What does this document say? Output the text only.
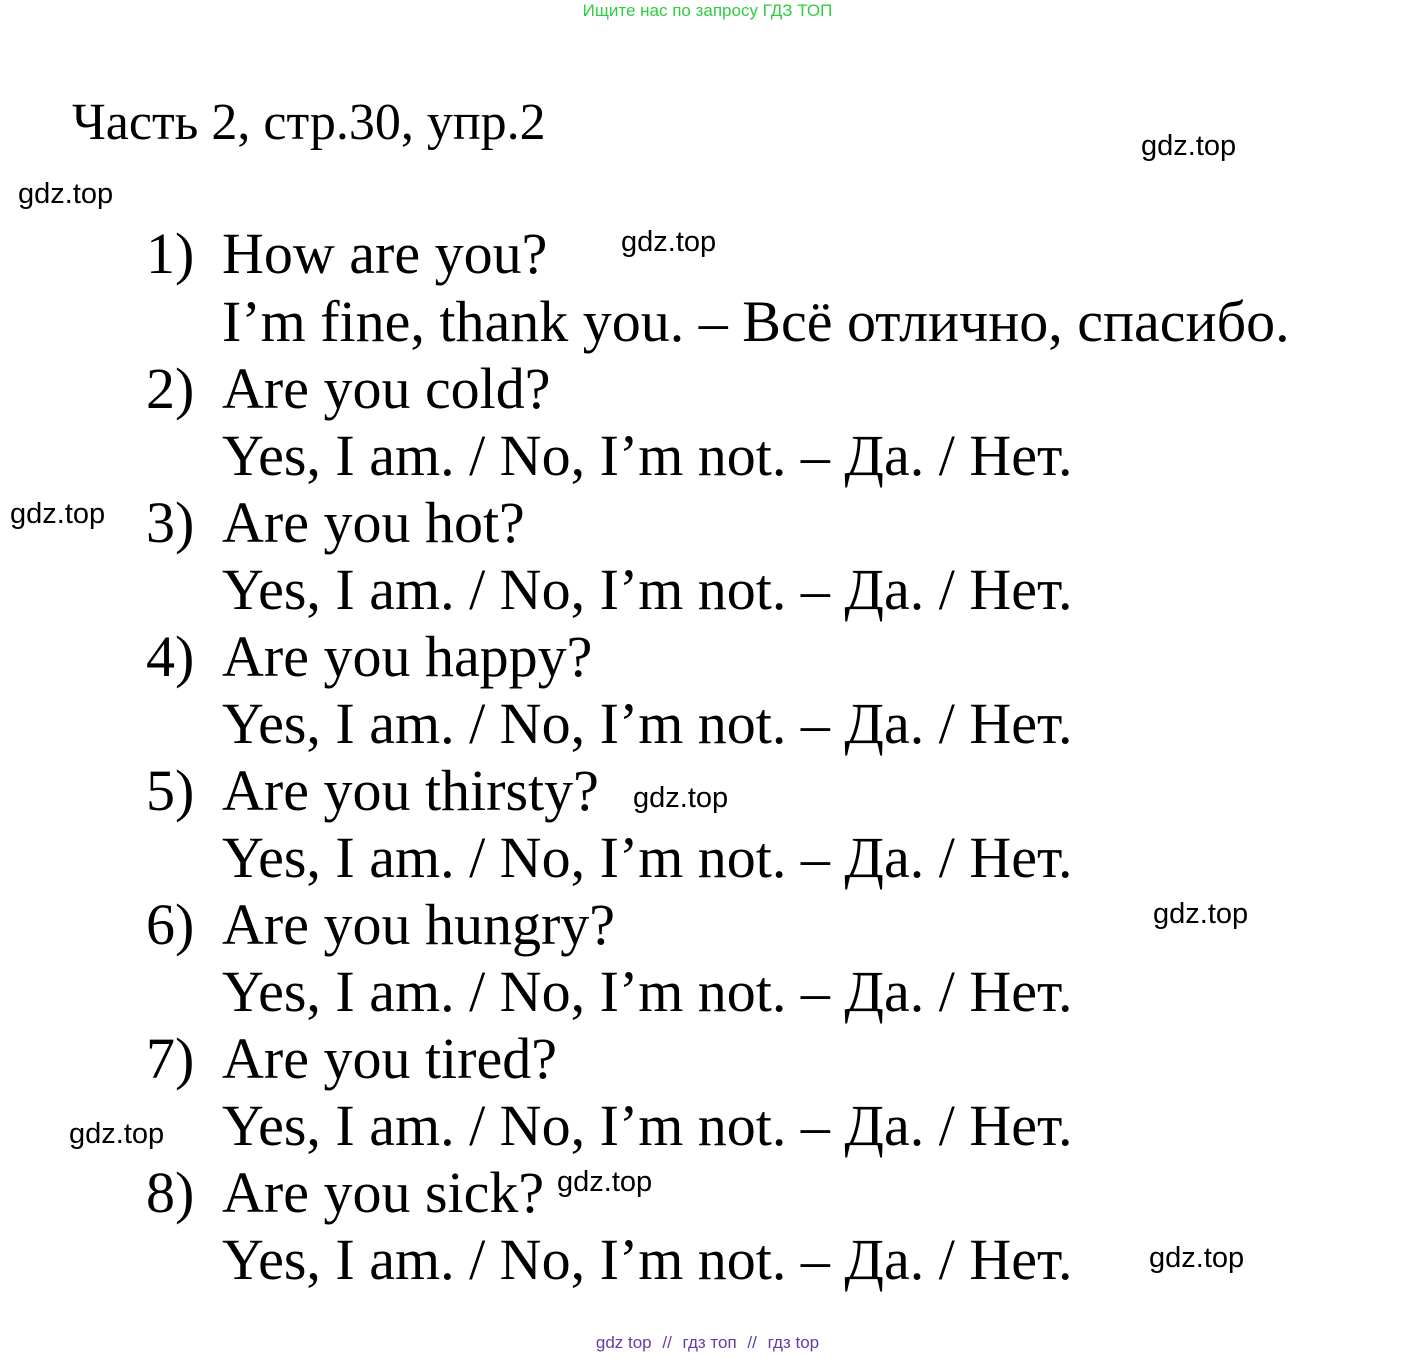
Ищите нас по запросу ГДЗ ТОП
Часть 2, стр.30, упр.2
1) How are you?
I’m fine, thank you. – Всё отлично, спасибо.
2) Are you cold?
Yes, I am. / No, I’m not. – Да. / Нет.
3) Are you hot?
Yes, I am. / No, I’m not. – Да. / Нет.
4) Are you happy?
Yes, I am. / No, I’m not. – Да. / Нет.
5) Are you thirsty?
Yes, I am. / No, I’m not. – Да. / Нет.
6) Are you hungry?
Yes, I am. / No, I’m not. – Да. / Нет.
7) Are you tired?
Yes, I am. / No, I’m not. – Да. / Нет.
8) Are you sick?
Yes, I am. / No, I’m not. – Да. / Нет.
gdz.top
gdz.top
gdz.top
gdz.top
gdz.top
gdz.top
gdz.top
gdz.top
gdz.top
gdz top // гдз топ // гдз top
